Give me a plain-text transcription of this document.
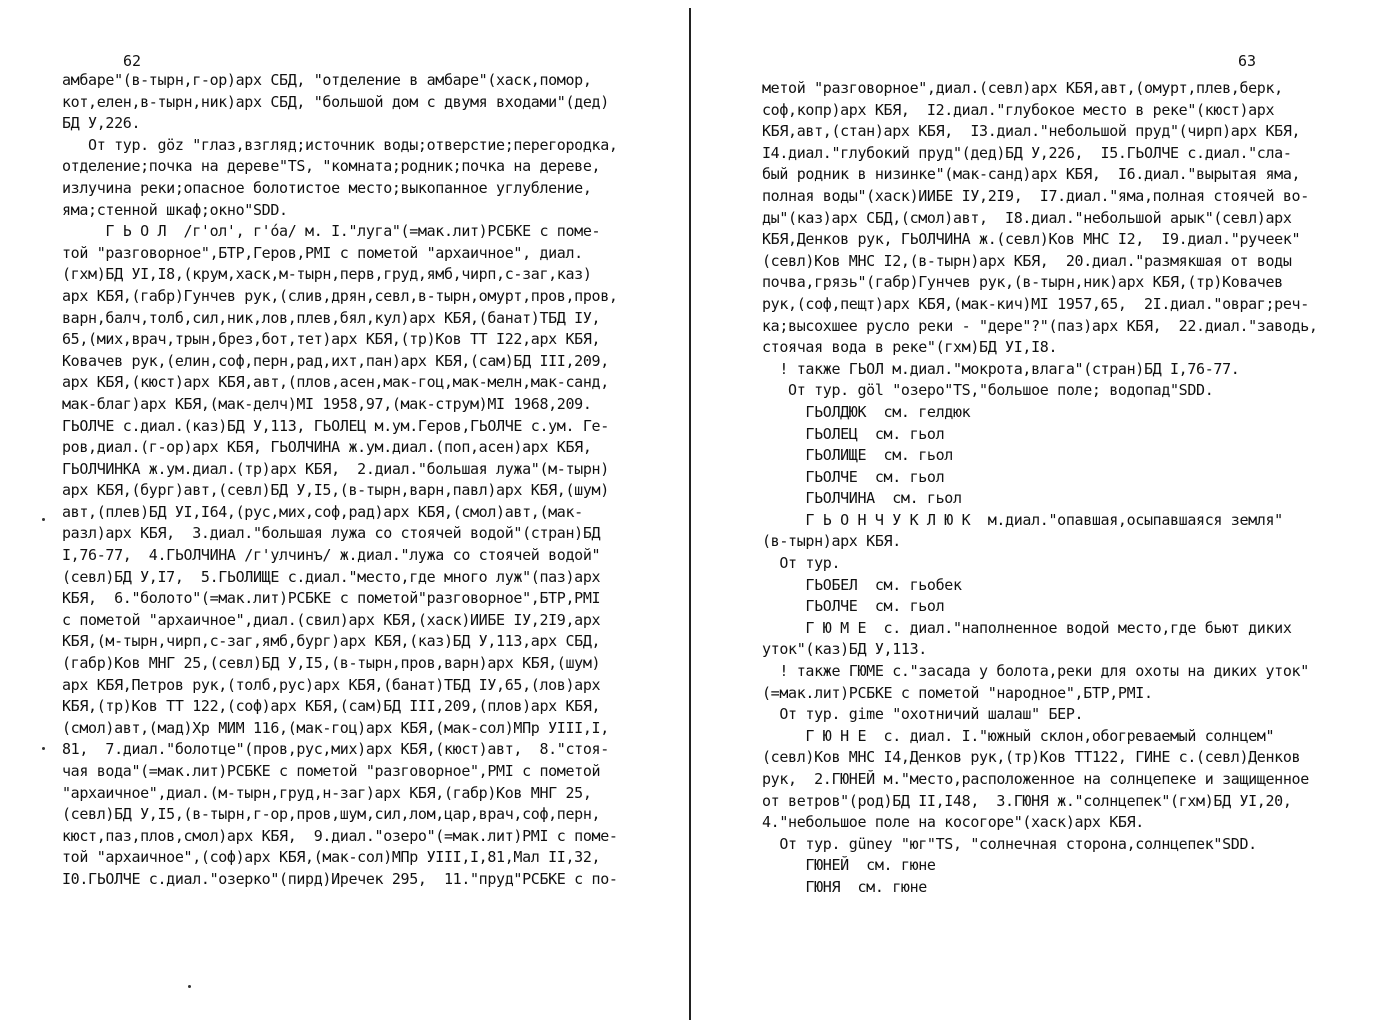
62
амбаре"(в-тырн,г-ор)арх СБД, "отделение в амбаре"(хаск,помор,
кот,елен,в-тырн,ник)арх СБД, "большой дом с двумя входами"(дед)
БД У,226.
От тур. göz "глаз,взгляд;источник воды;отверстие;перегородка,
отделение;почка на дереве"TS, "комната;родник;почка на дереве,
излучина реки;опасное болотистое место;выкопанное углубление,
яма;стенной шкаф;окно"SDD.
Г Ь О Л  /г'ол', г'óа/ м. I."луга"(=мак.лит)РСБКЕ с поме-
той "разговорное",БТР,Геров,РМI с пометой "архаичное", диал.
(гхм)БД УI,I8,(крум,хаск,м-тырн,перв,груд,ямб,чирп,с-заг,каз)
арх КБЯ,(габр)Гунчев рук,(слив,дрян,севл,в-тырн,омурт,пров,пров,
варн,балч,толб,сил,ник,лов,плев,бял,кул)арх КБЯ,(банат)ТБД IУ,
65,(мих,врач,трын,брез,бот,тет)арх КБЯ,(тр)Ков ТТ I22,арх КБЯ,
Ковачев рук,(елин,соф,перн,рад,ихт,пан)арх КБЯ,(сам)БД III,209,
арх КБЯ,(кюст)арх КБЯ,авт,(плов,асен,мак-гоц,мак-мелн,мак-санд,
мак-благ)арх КБЯ,(мак-делч)МI 1958,97,(мак-струм)МI 1968,209.
ГЬОЛЧЕ с.диал.(каз)БД У,113, ГЬОЛЕЦ м.ум.Геров,ГЬОЛЧЕ с.ум. Ге-
ров,диал.(г-ор)арх КБЯ, ГЬОЛЧИНА ж.ум.диал.(поп,асен)арх КБЯ,
ГЬОЛЧИНКА ж.ум.диал.(тр)арх КБЯ,  2.диал."большая лужа"(м-тырн)
арх КБЯ,(бург)авт,(севл)БД У,I5,(в-тырн,варн,павл)арх КБЯ,(шум)
авт,(плев)БД УI,I64,(рус,мих,соф,рад)арх КБЯ,(смол)авт,(мак-
разл)арх КБЯ,  3.диал."большая лужа со стоячей водой"(стран)БД
I,76-77,  4.ГЬОЛЧИНА /г'улчинъ/ ж.диал."лужа со стоячей водой"
(севл)БД У,I7,  5.ГЬОЛИЩЕ с.диал."место,где много луж"(паз)арх
КБЯ,  6."болото"(=мак.лит)РСБКЕ с пометой"разговорное",БТР,РМI
с пометой "архаичное",диал.(свил)арх КБЯ,(хаск)ИИБЕ IУ,2I9,арх
КБЯ,(м-тырн,чирп,с-заг,ямб,бург)арх КБЯ,(каз)БД У,113,арх СБД,
(габр)Ков МНГ 25,(севл)БД У,I5,(в-тырн,пров,варн)арх КБЯ,(шум)
арх КБЯ,Петров рук,(толб,рус)арх КБЯ,(банат)ТБД IУ,65,(лов)арх
КБЯ,(тр)Ков ТТ 122,(соф)арх КБЯ,(сам)БД III,209,(плов)арх КБЯ,
(смол)авт,(мад)Хр МИМ 116,(мак-гоц)арх КБЯ,(мак-сол)МПр УIII,I,
81,  7.диал."болотце"(пров,рус,мих)арх КБЯ,(кюст)авт,  8."стоя-
чая вода"(=мак.лит)РСБКЕ с пометой "разговорное",РМI с пометой
"архаичное",диал.(м-тырн,груд,н-заг)арх КБЯ,(габр)Ков МНГ 25,
(севл)БД У,I5,(в-тырн,г-ор,пров,шум,сил,лом,цар,врач,соф,перн,
кюст,паз,плов,смол)арх КБЯ,  9.диал."озеро"(=мак.лит)РМI с помe-
той "архаичное",(соф)арх КБЯ,(мак-сол)МПр УIII,I,81,Мал II,32,
I0.ГЬОЛЧЕ с.диал."озерко"(пирд)Иречек 295,  11."пруд"РСБКЕ с по-
63
метой "разговорное",диал.(севл)арх КБЯ,авт,(омурт,плев,берк,
соф,копр)арх КБЯ,  I2.диал."глубокое место в реке"(кюст)арх
КБЯ,авт,(стан)арх КБЯ,  I3.диал."небольшой пруд"(чирп)арх КБЯ,
I4.диал."глубокий пруд"(дед)БД У,226,  I5.ГЬОЛЧЕ с.диал."сла-
бый родник в низинке"(мак-санд)арх КБЯ,  I6.диал."вырытая яма,
полная воды"(хаск)ИИБЕ IУ,2I9,  I7.диал."яма,полная стоячей во-
ды"(каз)арх СБД,(смол)авт,  I8.диал."небольшой арык"(севл)арх
КБЯ,Денков рук, ГЬОЛЧИНА ж.(севл)Ков МНС I2,  I9.диал."ручеек"
(севл)Ков МНС I2,(в-тырн)арх КБЯ,  20.диал."размякшая от воды
почва,грязь"(габр)Гунчев рук,(в-тырн,ник)арх КБЯ,(тр)Ковачев
рук,(соф,пещт)арх КБЯ,(мак-кич)МI 1957,65,  2I.диал."овраг;реч-
ка;высохшее русло реки - "дере"?"(паз)арх КБЯ,  22.диал."заводь,
стоячая вода в реке"(гхм)БД УI,I8.
! также ГЬОЛ м.диал."мокрота,влага"(стран)БД I,76-77.
От тур. göl "озеро"TS,"большое поле; водопад"SDD.
ГЬОЛДЮК  см. гелдюк
ГЬОЛЕЦ  см. гьол
ГЬОЛИЩЕ  см. гьол
ГЬОЛЧЕ  см. гьол
ГЬОЛЧИНА  см. гьол
Г Ь О Н Ч У К Л Ю К  м.диал."опавшая,осыпавшаяся земля"
(в-тырн)арх КБЯ.
От тур.
ГЬОБЕЛ  см. гьобек
ГЬОЛЧЕ  см. гьол
Г Ю М Е  с. диал."наполненное водой место,где бьют диких
уток"(каз)БД У,113.
! также ГЮМЕ с."засада у болота,реки для охоты на диких уток"
(=мак.лит)РСБКЕ с пометой "народное",БТР,РМI.
От тур. gime "охотничий шалаш" БЕР.
Г Ю Н Е  с. диал. I."южный склон,обогреваемый солнцем"
(севл)Ков МНС I4,Денков рук,(тр)Ков ТТ122, ГИНЕ с.(севл)Денков
рук,  2.ГЮНЕЙ м."место,расположенное на солнцепеке и защищенное
от ветров"(род)БД II,I48,  3.ГЮНЯ ж."солнцепек"(гхм)БД УI,20,
4."небольшое поле на косогоре"(хаск)арх КБЯ.
От тур. güney "юг"TS, "солнечная сторона,солнцепек"SDD.
ГЮНЕЙ  см. гюне
ГЮНЯ  см. гюне
